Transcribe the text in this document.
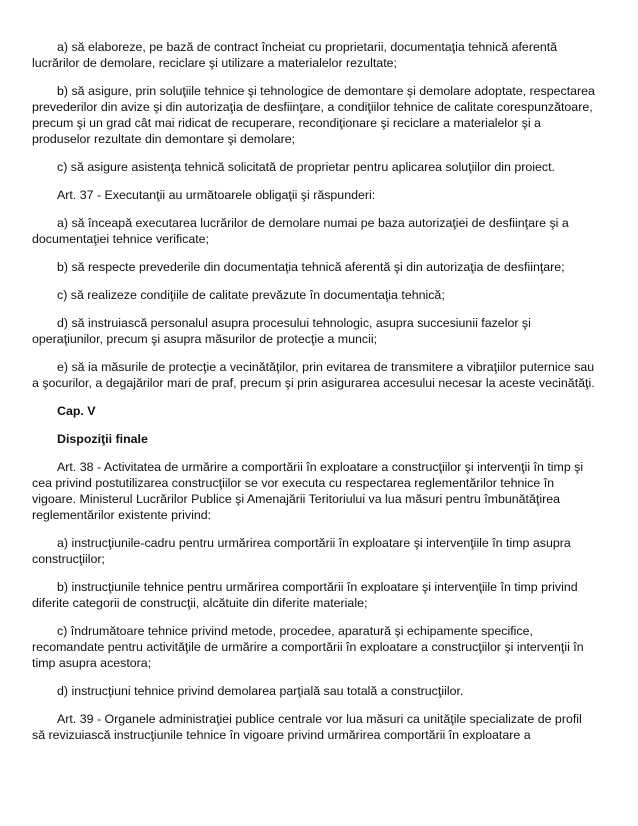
a) să elaboreze, pe bază de contract încheiat cu proprietarii, documentaţia tehnică aferentă lucrărilor de demolare, reciclare şi utilizare a materialelor rezultate;

b) să asigure, prin soluţiile tehnice şi tehnologice de demontare şi demolare adoptate, respectarea prevederilor din avize şi din autorizaţia de desfiinţare, a condiţiilor tehnice de calitate corespunzătoare, precum şi un grad cât mai ridicat de recuperare, recondiţionare şi reciclare a materialelor şi a produselor rezultate din demontare şi demolare;

c) să asigure asistenţa tehnică solicitată de proprietar pentru aplicarea soluţiilor din proiect.

Art. 37 - Executanţii au următoarele obligaţii şi răspunderi:

a) să înceapă executarea lucrărilor de demolare numai pe baza autorizaţiei de desfiinţare şi a documentaţiei tehnice verificate;

b) să respecte prevederile din documentaţia tehnică aferentă şi din autorizaţia de desfiinţare;

c) să realizeze condiţiile de calitate prevăzute în documentaţia tehnică;

d) să instruiască personalul asupra procesului tehnologic, asupra succesiunii fazelor şi operaţiunilor, precum şi asupra măsurilor de protecţie a muncii;

e) să ia măsurile de protecţie a vecinătăţilor, prin evitarea de transmitere a vibraţiilor puternice sau a şocurilor, a degajărilor mari de praf, precum şi prin asigurarea accesului necesar la aceste vecinătăţi.

Cap. V

Dispoziţii finale

Art. 38 - Activitatea de urmărire a comportării în exploatare a construcţiilor şi intervenţii în timp şi cea privind postutilizarea construcţiilor se vor executa cu respectarea reglementărilor tehnice în vigoare. Ministerul Lucrărilor Publice şi Amenajării Teritoriului va lua măsuri pentru îmbunătăţirea reglementărilor existente privind:

a) instrucţiunile-cadru pentru urmărirea comportării în exploatare şi intervenţiile în timp asupra construcţiilor;

b) instrucţiunile tehnice pentru urmărirea comportării în exploatare şi intervenţiile în timp privind diferite categorii de construcţii, alcătuite din diferite materiale;

c) îndrumătoare tehnice privind metode, procedee, aparatură şi echipamente specifice, recomandate pentru activităţile de urmărire a comportării în exploatare a construcţiilor şi intervenţii în timp asupra acestora;

d) instrucţiuni tehnice privind demolarea parţială sau totală a construcţiilor.

Art. 39 - Organele administraţiei publice centrale vor lua măsuri ca unităţile specializate de profil să revizuiască instrucţiunile tehnice în vigoare privind urmărirea comportării în exploatare a
